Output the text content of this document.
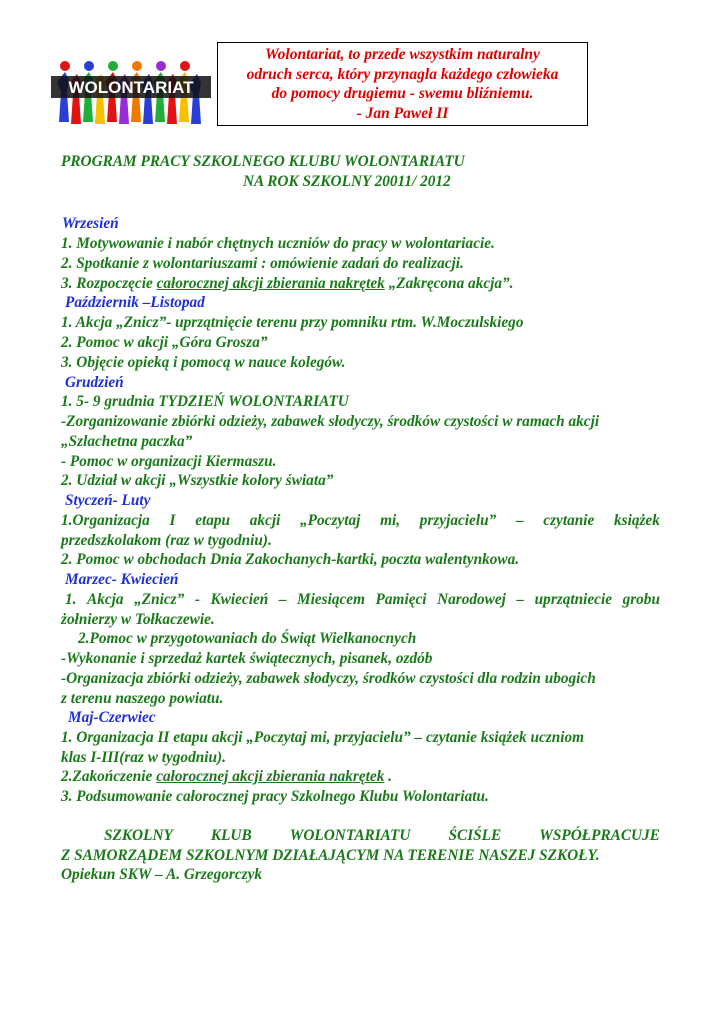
WOLONTARIAT
Wolontariat, to przede wszystkim naturalny
odruch serca, który przynagla każdego człowieka
do pomocy drugiemu - swemu bliźniemu.
- Jan Paweł II
PROGRAM PRACY SZKOLNEGO KLUBU WOLONTARIATU
NA ROK SZKOLNY 20011/ 2012
Wrzesień
1. Motywowanie i nabór chętnych uczniów do pracy w wolontariacie.
2. Spotkanie z wolontariuszami : omówienie zadań do realizacji.
3. Rozpoczęcie całorocznej akcji zbierania nakrętek „Zakręcona akcja”.
Październik –Listopad
1. Akcja „Znicz”- uprzątnięcie terenu przy pomniku rtm. W.Moczulskiego
2. Pomoc w akcji „Góra Grosza”
3. Objęcie opieką i pomocą w nauce kolegów.
Grudzień
1. 5- 9 grudnia TYDZIEŃ WOLONTARIATU
-Zorganizowanie zbiórki odzieży, zabawek słodyczy, środków czystości w ramach akcji
„Szlachetna paczka”
- Pomoc w organizacji Kiermaszu.
2. Udział w akcji „Wszystkie kolory świata”
Styczeń- Luty
1.Organizacja I etapu akcji „Poczytaj mi, przyjacielu” – czytanie książek
przedszkolakom (raz w tygodniu).
2. Pomoc w obchodach Dnia Zakochanych-kartki, poczta walentynkowa.
Marzec- Kwiecień
1. Akcja „Znicz” - Kwiecień – Miesiącem Pamięci Narodowej – uprzątniecie grobu
żołnierzy w Tołkaczewie.
2.Pomoc w przygotowaniach do Świąt Wielkanocnych
-Wykonanie i sprzedaż kartek świątecznych, pisanek, ozdób
-Organizacja zbiórki odzieży, zabawek słodyczy, środków czystości dla rodzin ubogich
z terenu naszego powiatu.
Maj-Czerwiec
1. Organizacja II etapu akcji „Poczytaj mi, przyjacielu” – czytanie książek uczniom
klas I-III(raz w tygodniu).
2.Zakończenie całorocznej akcji zbierania nakrętek .
3. Podsumowanie całorocznej pracy Szkolnego Klubu Wolontariatu.
SZKOLNY KLUB WOLONTARIATU ŚCIŚLE WSPÓŁPRACUJE
Z SAMORZĄDEM SZKOLNYM DZIAŁAJĄCYM NA TERENIE NASZEJ SZKOŁY.
Opiekun SKW – A. Grzegorczyk
